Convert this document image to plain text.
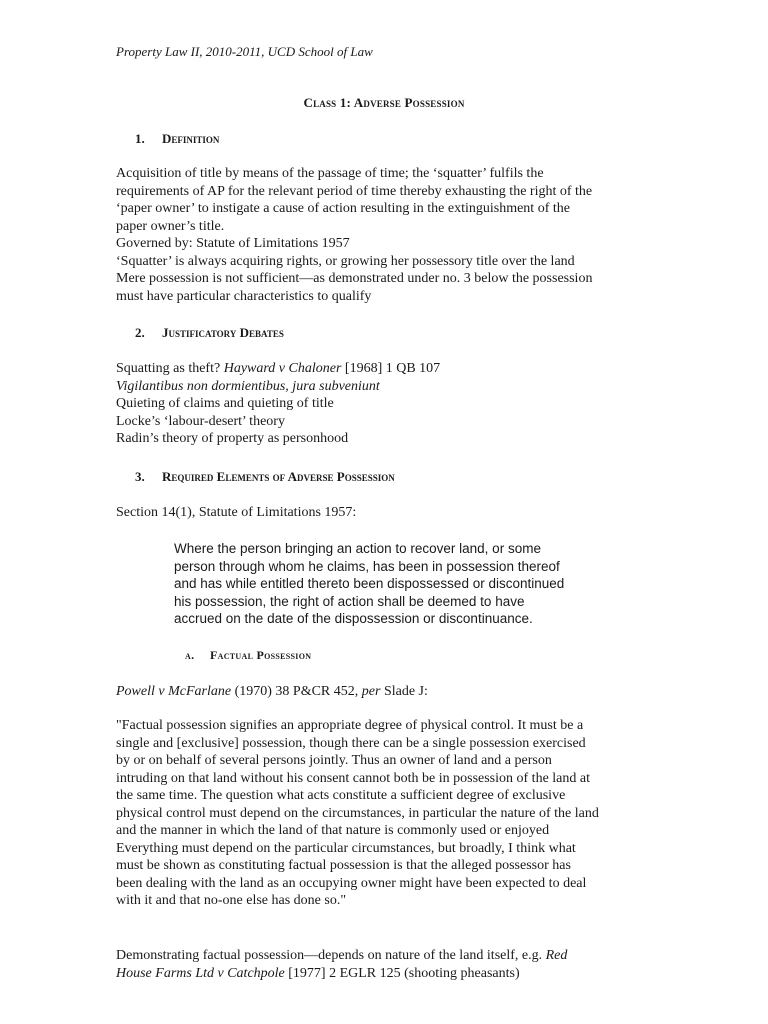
Property Law II, 2010-2011, UCD School of Law
Class 1: Adverse Possession
1. Definition
Acquisition of title by means of the passage of time; the ‘squatter’ fulfils the
requirements of AP for the relevant period of time thereby exhausting the right of the
‘paper owner’ to instigate a cause of action resulting in the extinguishment of the
paper owner’s title.
Governed by: Statute of Limitations 1957
‘Squatter’ is always acquiring rights, or growing her possessory title over the land
Mere possession is not sufficient—as demonstrated under no. 3 below the possession
must have particular characteristics to qualify
2. Justificatory Debates
Squatting as theft? Hayward v Chaloner [1968] 1 QB 107
Vigilantibus non dormientibus, jura subveniunt
Quieting of claims and quieting of title
Locke’s ‘labour-desert’ theory
Radin’s theory of property as personhood
3. Required Elements of Adverse Possession
Section 14(1), Statute of Limitations 1957:
Where the person bringing an action to recover land, or some
person through whom he claims, has been in possession thereof
and has while entitled thereto been dispossessed or discontinued
his possession, the right of action shall be deemed to have
accrued on the date of the dispossession or discontinuance.
a. Factual Possession
Powell v McFarlane (1970) 38 P&CR 452, per Slade J:
"Factual possession signifies an appropriate degree of physical control. It must be a
single and [exclusive] possession, though there can be a single possession exercised
by or on behalf of several persons jointly. Thus an owner of land and a person
intruding on that land without his consent cannot both be in possession of the land at
the same time. The question what acts constitute a sufficient degree of exclusive
physical control must depend on the circumstances, in particular the nature of the land
and the manner in which the land of that nature is commonly used or enjoyed
Everything must depend on the particular circumstances, but broadly, I think what
must be shown as constituting factual possession is that the alleged possessor has
been dealing with the land as an occupying owner might have been expected to deal
with it and that no-one else has done so."
Demonstrating factual possession—depends on nature of the land itself, e.g. Red
House Farms Ltd v Catchpole [1977] 2 EGLR 125 (shooting pheasants)
